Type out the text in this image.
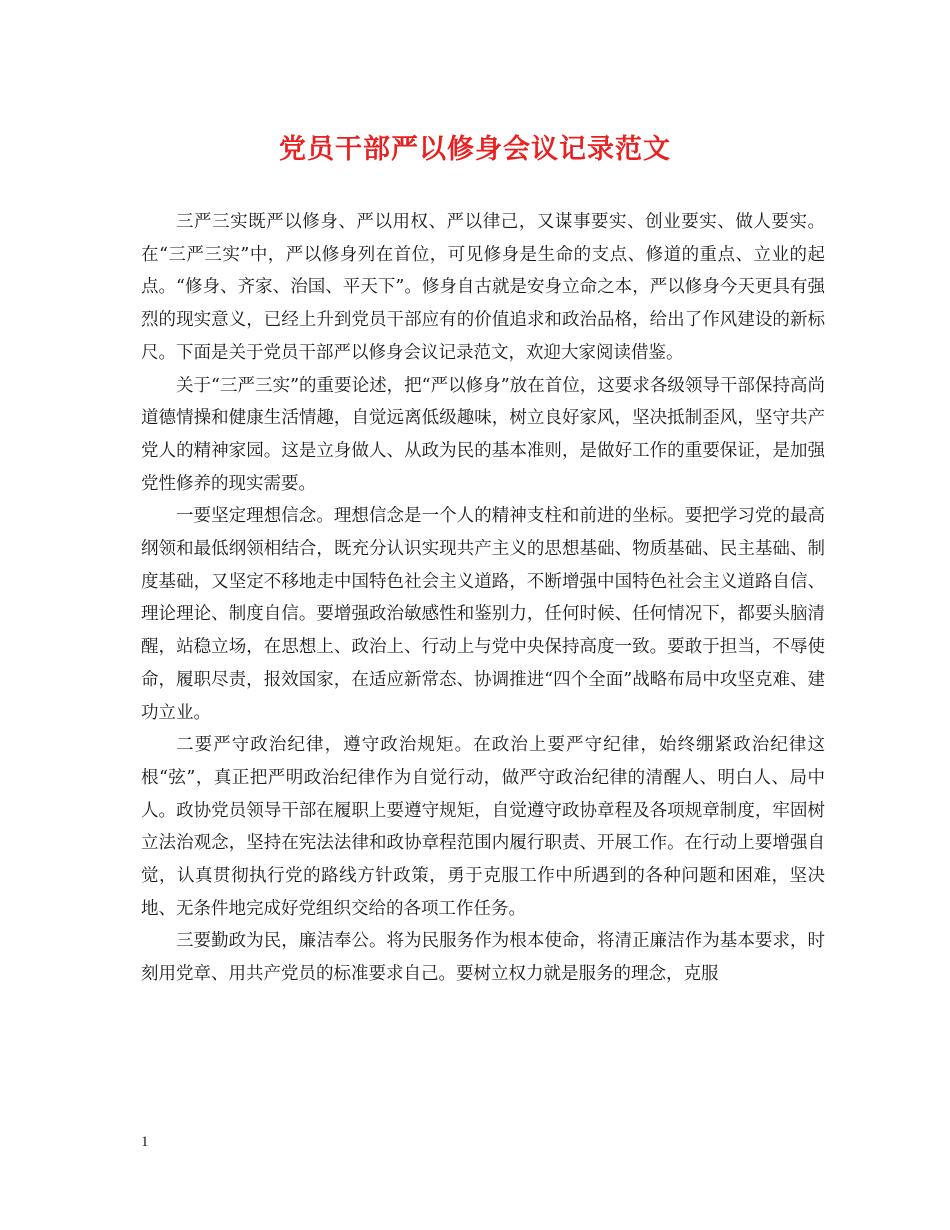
党员干部严以修身会议记录范文

三严三实既严以修身、严以用权、严以律己，又谋事要实、创业要实、做人要实。在“三严三实”中，严以修身列在首位，可见修身是生命的支点、修道的重点、立业的起点。“修身、齐家、治国、平天下”。修身自古就是安身立命之本，严以修身今天更具有强烈的现实意义，已经上升到党员干部应有的价值追求和政治品格，给出了作风建设的新标尺。下面是关于党员干部严以修身会议记录范文，欢迎大家阅读借鉴。

关于“三严三实”的重要论述，把“严以修身”放在首位，这要求各级领导干部保持高尚道德情操和健康生活情趣，自觉远离低级趣味，树立良好家风，坚决抵制歪风，坚守共产党人的精神家园。这是立身做人、从政为民的基本准则，是做好工作的重要保证，是加强党性修养的现实需要。

一要坚定理想信念。理想信念是一个人的精神支柱和前进的坐标。要把学习党的最高纲领和最低纲领相结合，既充分认识实现共产主义的思想基础、物质基础、民主基础、制度基础，又坚定不移地走中国特色社会主义道路，不断增强中国特色社会主义道路自信、理论理论、制度自信。要增强政治敏感性和鉴别力，任何时候、任何情况下，都要头脑清醒，站稳立场，在思想上、政治上、行动上与党中央保持高度一致。要敢于担当，不辱使命，履职尽责，报效国家，在适应新常态、协调推进“四个全面”战略布局中攻坚克难、建功立业。

二要严守政治纪律，遵守政治规矩。在政治上要严守纪律，始终绷紧政治纪律这根“弦”，真正把严明政治纪律作为自觉行动，做严守政治纪律的清醒人、明白人、局中人。政协党员领导干部在履职上要遵守规矩，自觉遵守政协章程及各项规章制度，牢固树立法治观念，坚持在宪法法律和政协章程范围内履行职责、开展工作。在行动上要增强自觉，认真贯彻执行党的路线方针政策，勇于克服工作中所遇到的各种问题和困难，坚决地、无条件地完成好党组织交给的各项工作任务。

三要勤政为民，廉洁奉公。将为民服务作为根本使命，将清正廉洁作为基本要求，时刻用党章、用共产党员的标准要求自己。要树立权力就是服务的理念，克服

1
